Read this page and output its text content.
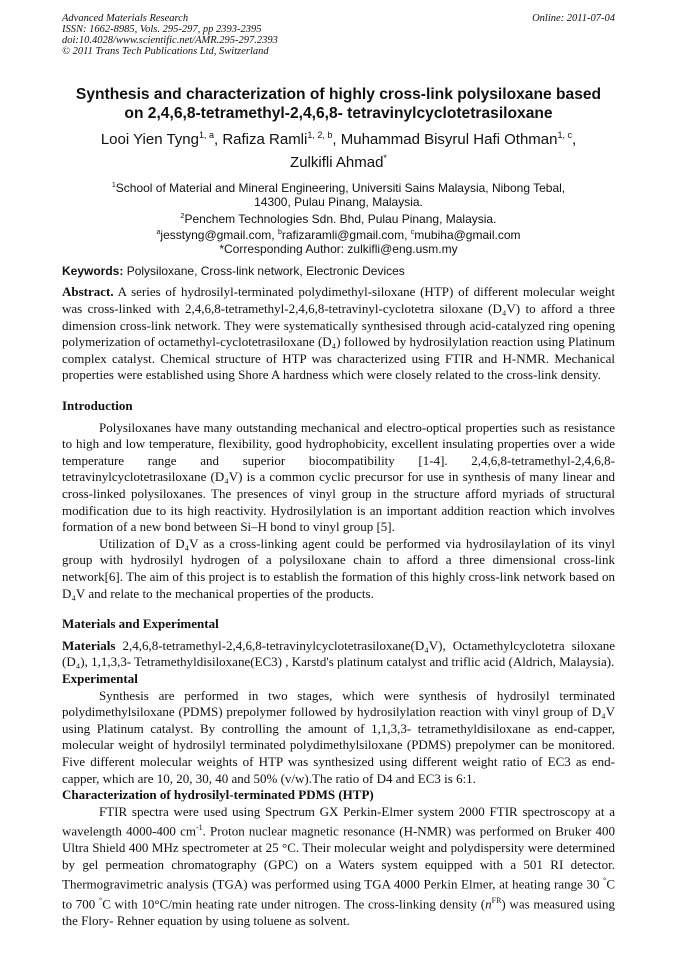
Advanced Materials Research
ISSN: 1662-8985, Vols. 295-297, pp 2393-2395
doi:10.4028/www.scientific.net/AMR.295-297.2393
© 2011 Trans Tech Publications Ltd, Switzerland
Online: 2011-07-04
Synthesis and characterization of highly cross-link polysiloxane based
on 2,4,6,8-tetramethyl-2,4,6,8- tetravinylcyclotetrasiloxane
Looi Yien Tyng$^{1, a}$, Rafiza Ramli$^{1, 2, b}$, Muhammad Bisyrul Hafi Othman$^{1, c}$,
Zulkifli Ahmad*
$^1$School of Material and Mineral Engineering, Universiti Sains Malaysia, Nibong Tebal,
14300, Pulau Pinang, Malaysia.
$^2$Penchem Technologies Sdn. Bhd, Pulau Pinang, Malaysia.
$^a$jesstyng@gmail.com, $^b$rafizaramli@gmail.com, $^c$mubiha@gmail.com
*Corresponding Author: zulkifli@eng.usm.my
Keywords: Polysiloxane, Cross-link network, Electronic Devices

Abstract. A series of hydrosilyl-terminated polydimethyl-siloxane (HTP) of different molecular weight was cross-linked with 2,4,6,8-tetramethyl-2,4,6,8-tetravinyl-cyclotetra siloxane (D₄V) to afford a three dimension cross-link network. They were systematically synthesised through acid-catalyzed ring opening polymerization of octamethyl-cyclotetrasiloxane (D₄) followed by hydrosilylation reaction using Platinum complex catalyst. Chemical structure of HTP was characterized using FTIR and H-NMR. Mechanical properties were established using Shore A hardness which were closely related to the cross-link density.

Introduction

Polysiloxanes have many outstanding mechanical and electro-optical properties such as resistance to high and low temperature, flexibility, good hydrophobicity, excellent insulating properties over a wide temperature range and superior biocompatibility [1-4]. 2,4,6,8-tetramethyl-2,4,6,8-tetravinylcyclotetrasiloxane (D₄V) is a common cyclic precursor for use in synthesis of many linear and cross-linked polysiloxanes. The presences of vinyl group in the structure afford myriads of structural modification due to its high reactivity. Hydrosilylation is an important addition reaction which involves formation of a new bond between Si–H bond to vinyl group [5].

Utilization of D₄V as a cross-linking agent could be performed via hydrosilaylation of its vinyl group with hydrosilyl hydrogen of a polysiloxane chain to afford a three dimensional cross-link network[6]. The aim of this project is to establish the formation of this highly cross-link network based on D₄V and relate to the mechanical properties of the products.

Materials and Experimental

Materials 2,4,6,8-tetramethyl-2,4,6,8-tetravinylcyclotetrasiloxane(D₄V), Octamethylcyclotetra siloxane (D₄), 1,1,3,3- Tetramethyldisiloxane(EC3) , Karstd's platinum catalyst and triflic acid (Aldrich, Malaysia).

Experimental

Synthesis are performed in two stages, which were synthesis of hydrosilyl terminated polydimethylsiloxane (PDMS) prepolymer followed by hydrosilylation reaction with vinyl group of D₄V using Platinum catalyst. By controlling the amount of 1,1,3,3- tetramethyldisiloxane as end-capper, molecular weight of hydrosilyl terminated polydimethylsiloxane (PDMS) prepolymer can be monitored. Five different molecular weights of HTP was synthesized using different weight ratio of EC3 as end-capper, which are 10, 20, 30, 40 and 50% (v/w).The ratio of D4 and EC3 is 6:1.

Characterization of hydrosilyl-terminated PDMS (HTP)

FTIR spectra were used using Spectrum GX Perkin-Elmer system 2000 FTIR spectroscopy at a wavelength 4000-400 $cm^{-1}$. Proton nuclear magnetic resonance (H-NMR) was performed on Bruker 400 Ultra Shield 400 MHz spectrometer at 25 °C. Their molecular weight and polydispersity were determined by gel permeation chromatography (GPC) on a Waters system equipped with a 501 RI detector. Thermogravimetric analysis (TGA) was performed using TGA 4000 Perkin Elmer, at heating range 30 °C to 700 °C with 10°C/min heating rate under nitrogen. The cross-linking density $(n^{FR})$ was measured using the Flory- Rehner equation by using toluene as solvent.
